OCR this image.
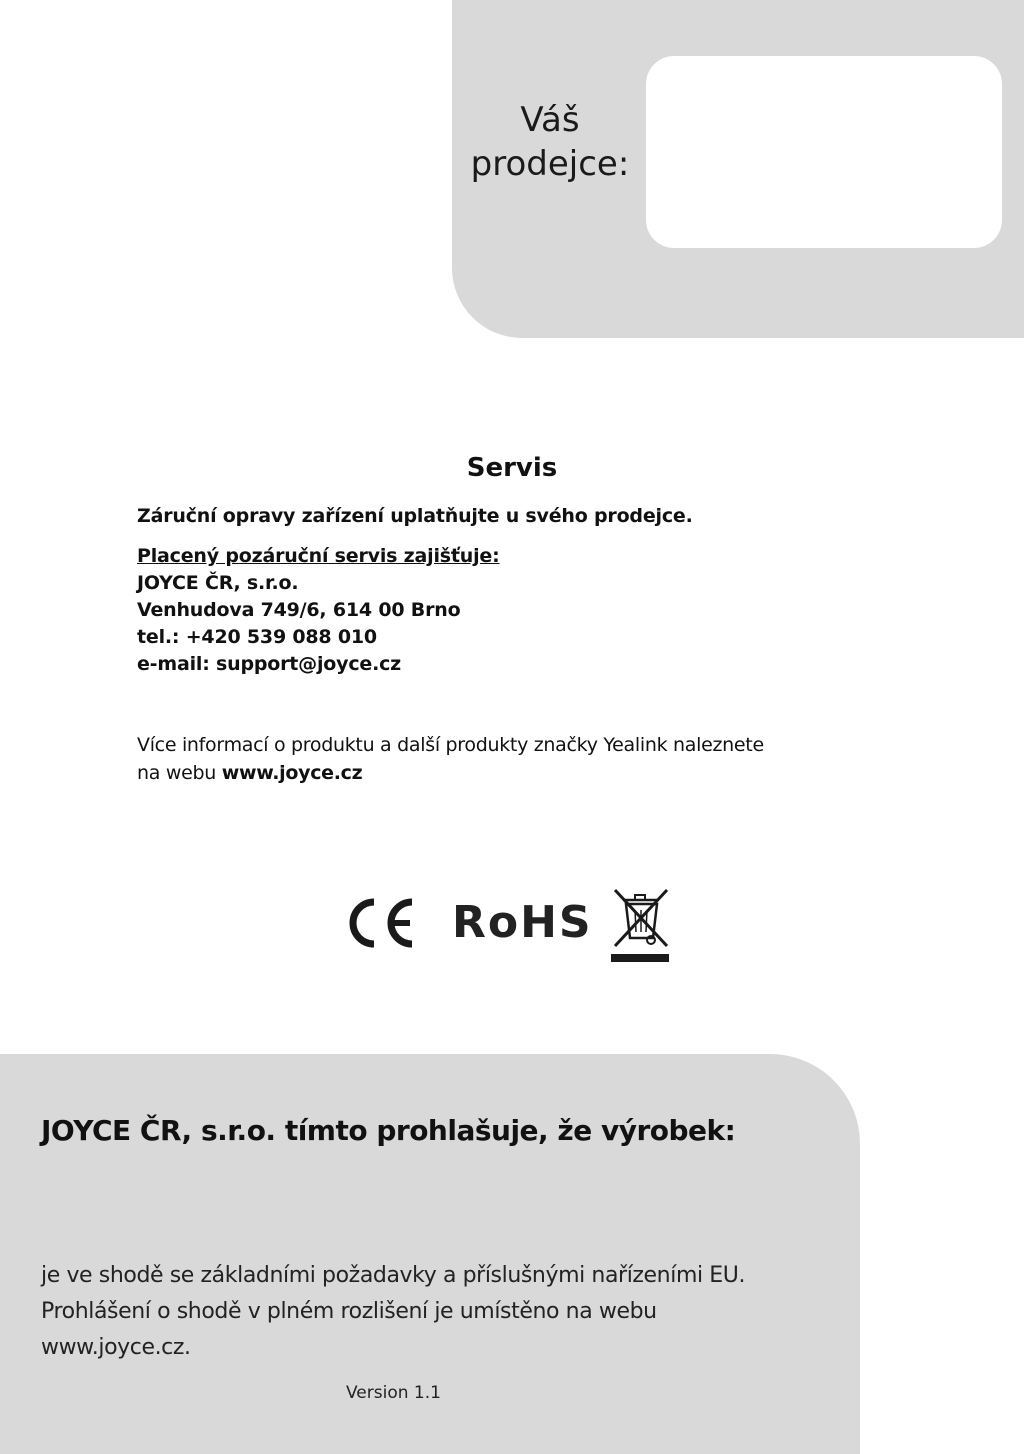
Váš
prodejce:
Servis
Záruční opravy zařízení uplatňujte u svého prodejce.
Placený pozáruční servis zajišťuje:
JOYCE ČR, s.r.o.
Venhudova 749/6, 614 00 Brno
tel.: +420 539 088 010
e-mail: support@joyce.cz
Více informací o produktu a další produkty značky Yealink naleznete
na webu www.joyce.cz
RoHS
JOYCE ČR, s.r.o. tímto prohlašuje, že výrobek:
je ve shodě se základními požadavky a příslušnými nařízeními EU.
Prohlášení o shodě v plném rozlišení je umístěno na webu
www.joyce.cz.
Version 1.1
